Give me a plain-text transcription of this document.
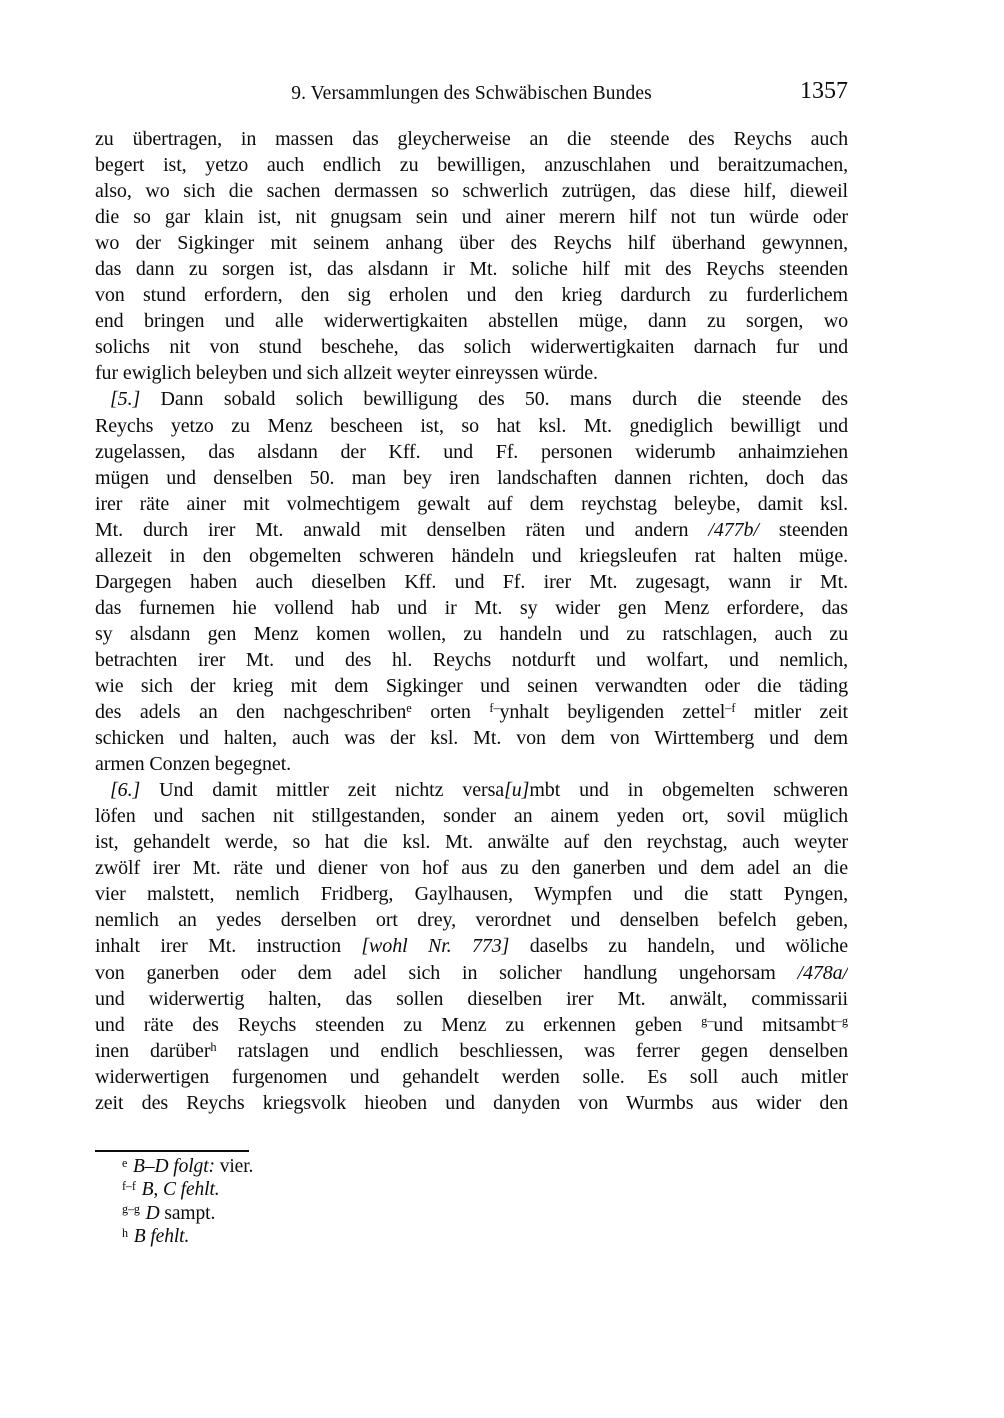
9. Versammlungen des Schwäbischen Bundes	1357
zu übertragen, in massen das gleycherweise an die steende des Reychs auch
begert ist, yetzo auch endlich zu bewilligen, anzuschlahen und beraitzumachen,
also, wo sich die sachen dermassen so schwerlich zutrügen, das diese hilf, dieweil
die so gar klain ist, nit gnugsam sein und ainer merern hilf not tun würde oder
wo der Sigkinger mit seinem anhang über des Reychs hilf überhand gewynnen,
das dann zu sorgen ist, das alsdann ir Mt. soliche hilf mit des Reychs steenden
von stund erfordern, den sig erholen und den krieg dardurch zu furderlichem
end bringen und alle widerwertigkaiten abstellen müge, dann zu sorgen, wo
solichs nit von stund beschehe, das solich widerwertigkaiten darnach fur und
fur ewiglich beleyben und sich allzeit weyter einreyssen würde.
[5.] Dann sobald solich bewilligung des 50. mans durch die steende des
Reychs yetzo zu Menz bescheen ist, so hat ksl. Mt. gnediglich bewilligt und
zugelassen, das alsdann der Kff. und Ff. personen widerumb anhaimziehen
mügen und denselben 50. man bey iren landschaften dannen richten, doch das
irer räte ainer mit volmechtigem gewalt auf dem reychstag beleybe, damit ksl.
Mt. durch irer Mt. anwald mit denselben räten und andern /477b/ steenden
allezeit in den obgemelten schweren händeln und kriegsleufen rat halten müge.
Dargegen haben auch dieselben Kff. und Ff. irer Mt. zugesagt, wann ir Mt.
das furnemen hie vollend hab und ir Mt. sy wider gen Menz erfordere, das
sy alsdann gen Menz komen wollen, zu handeln und zu ratschlagen, auch zu
betrachten irer Mt. und des hl. Reychs notdurft und wolfart, und nemlich,
wie sich der krieg mit dem Sigkinger und seinen verwandten oder die täding
des adels an den nachgeschriben$^e$ orten $^{f-}$ynhalt beyligenden zettel$^{-f}$ mitler zeit
schicken und halten, auch was der ksl. Mt. von dem von Wirttemberg und dem
armen Conzen begegnet.
[6.] Und damit mittler zeit nichtz versa[u]mbt und in obgemelten schweren
löfen und sachen nit stillgestanden, sonder an ainem yeden ort, sovil müglich
ist, gehandelt werde, so hat die ksl. Mt. anwälte auf den reychstag, auch weyter
zwölf irer Mt. räte und diener von hof aus zu den ganerben und dem adel an die
vier malstett, nemlich Fridberg, Gaylhausen, Wympfen und die statt Pyngen,
nemlich an yedes derselben ort drey, verordnet und denselben befelch geben,
inhalt irer Mt. instruction [wohl Nr. 773] daselbs zu handeln, und wöliche
von ganerben oder dem adel sich in solicher handlung ungehorsam /478a/
und widerwertig halten, das sollen dieselben irer Mt. anwält, commissarii
und räte des Reychs steenden zu Menz zu erkennen geben $^{g-}$und mitsambt$^{-g}$
inen darüber$^h$ ratslagen und endlich beschliessen, was ferrer gegen denselben
widerwertigen furgenomen und gehandelt werden solle. Es soll auch mitler
zeit des Reychs kriegsvolk hieoben und danyden von Wurmbs aus wider den
$^e$ B–D folgt: vier.
$^{f-f}$ B, C fehlt.
$^{g-g}$ D sampt.
$^h$ B fehlt.
